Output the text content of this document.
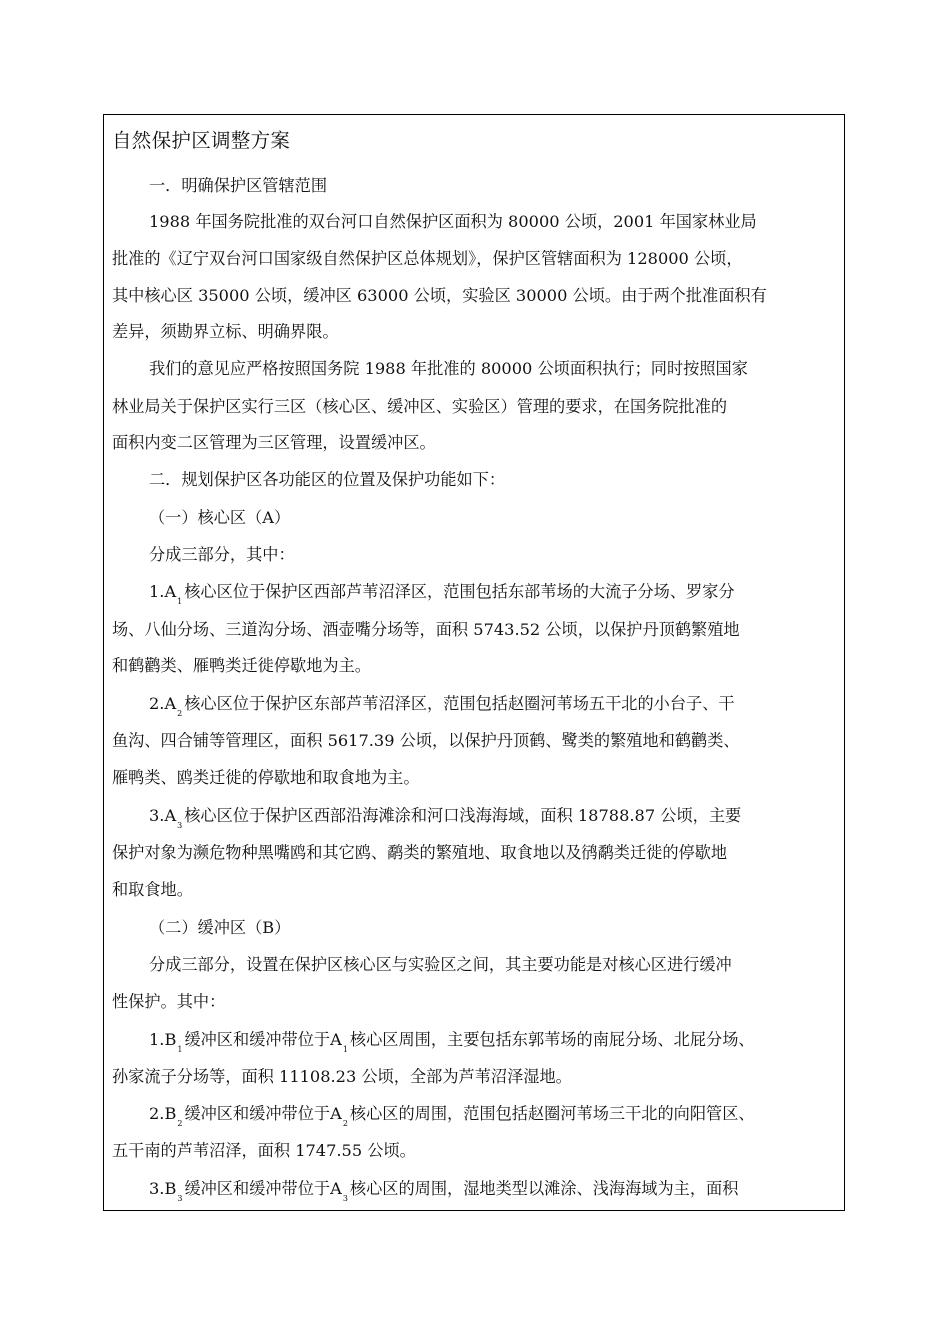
自然保护区调整方案
一．明确保护区管辖范围
1988 年国务院批准的双台河口自然保护区面积为 80000 公顷，2001 年国家林业局
批准的《辽宁双台河口国家级自然保护区总体规划》，保护区管辖面积为 128000 公顷，
其中核心区 35000 公顷，缓冲区 63000 公顷，实验区 30000 公顷。由于两个批准面积有
差异，须勘界立标、明确界限。
我们的意见应严格按照国务院 1988 年批准的 80000 公顷面积执行；同时按照国家
林业局关于保护区实行三区（核心区、缓冲区、实验区）管理的要求，在国务院批准的
面积内变二区管理为三区管理，设置缓冲区。
二．规划保护区各功能区的位置及保护功能如下：
（一）核心区（A）
分成三部分，其中：
$1.A_1$核心区位于保护区西部芦苇沼泽区，范围包括东部苇场的大流子分场、罗家分
场、八仙分场、三道沟分场、酒壶嘴分场等，面积 5743.52 公顷，以保护丹顶鹤繁殖地
和鹤鹳类、雁鸭类迁徙停歇地为主。
$2.A_2$核心区位于保护区东部芦苇沼泽区，范围包括赵圈河苇场五干北的小台子、干
鱼沟、四合铺等管理区，面积 5617.39 公顷，以保护丹顶鹤、鹭类的繁殖地和鹤鹳类、
雁鸭类、鸥类迁徙的停歇地和取食地为主。
$3.A_3$核心区位于保护区西部沿海滩涂和河口浅海海域，面积 18788.87 公顷，主要
保护对象为濒危物种黑嘴鸥和其它鸥、鹬类的繁殖地、取食地以及鸻鹬类迁徙的停歇地
和取食地。
（二）缓冲区（B）
分成三部分，设置在保护区核心区与实验区之间，其主要功能是对核心区进行缓冲
性保护。其中：
$1.B_1$缓冲区和缓冲带位于$A_1$核心区周围，主要包括东郭苇场的南屁分场、北屁分场、
孙家流子分场等，面积 11108.23 公顷，全部为芦苇沼泽湿地。
$2.B_2$缓冲区和缓冲带位于$A_2$核心区的周围，范围包括赵圈河苇场三干北的向阳管区、
五干南的芦苇沼泽，面积 1747.55 公顷。
$3.B_3$缓冲区和缓冲带位于$A_3$核心区的周围，湿地类型以滩涂、浅海海域为主，面积
